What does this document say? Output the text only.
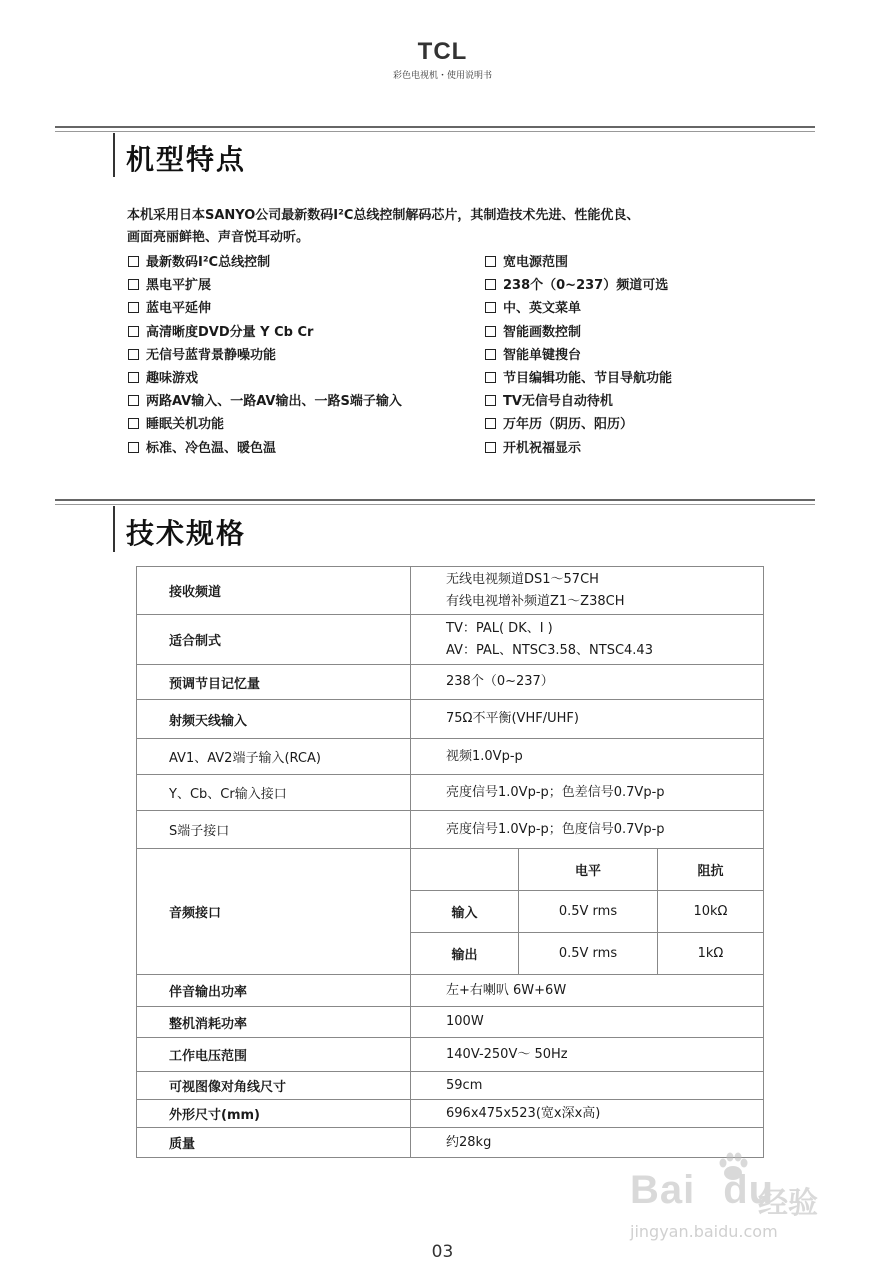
TCL
彩色电视机・使用说明书
机型特点
本机采用日本SANYO公司最新数码I²C总线控制解码芯片，其制造技术先进、性能优良、
画面亮丽鲜艳、声音悦耳动听。
最新数码I²C总线控制
黑电平扩展
蓝电平延伸
高清晰度DVD分量 Y Cb Cr
无信号蓝背景静噪功能
趣味游戏
两路AV输入、一路AV输出、一路S端子输入
睡眠关机功能
标准、冷色温、暖色温
宽电源范围
238个（0~237）频道可选
中、英文菜单
智能画数控制
智能单键搜台
节目编辑功能、节目导航功能
TV无信号自动待机
万年历（阴历、阳历）
开机祝福显示
技术规格
接收频道	无线电视频道DS1～57CH
有线电视增补频道Z1～Z38CH		

适合制式	TV：PAL( DK、I )
AV：PAL、NTSC3.58、NTSC4.43		

预调节目记忆量	238个（0~237）		
射频天线输入	75Ω不平衡(VHF/UHF)		
AV1、AV2端子输入(RCA)	视频1.0Vp-p		
Y、Cb、Cr输入接口	亮度信号1.0Vp-p；色差信号0.7Vp-p		
S端子接口	亮度信号1.0Vp-p；色度信号0.7Vp-p		
音频接口		电平	阻抗
	输入	0.5V rms	10kΩ
	输出	0.5V rms	1kΩ
伴音输出功率	左+右喇叭 6W+6W		
整机消耗功率	100W		
工作电压范围	140V-250V～ 50Hz		
可视图像对角线尺寸	59cm		
外形尺寸(mm)	696x475x523(宽x深x高)		
质量	约28kg		
Bai du
经验
jingyan.baidu.com
03
